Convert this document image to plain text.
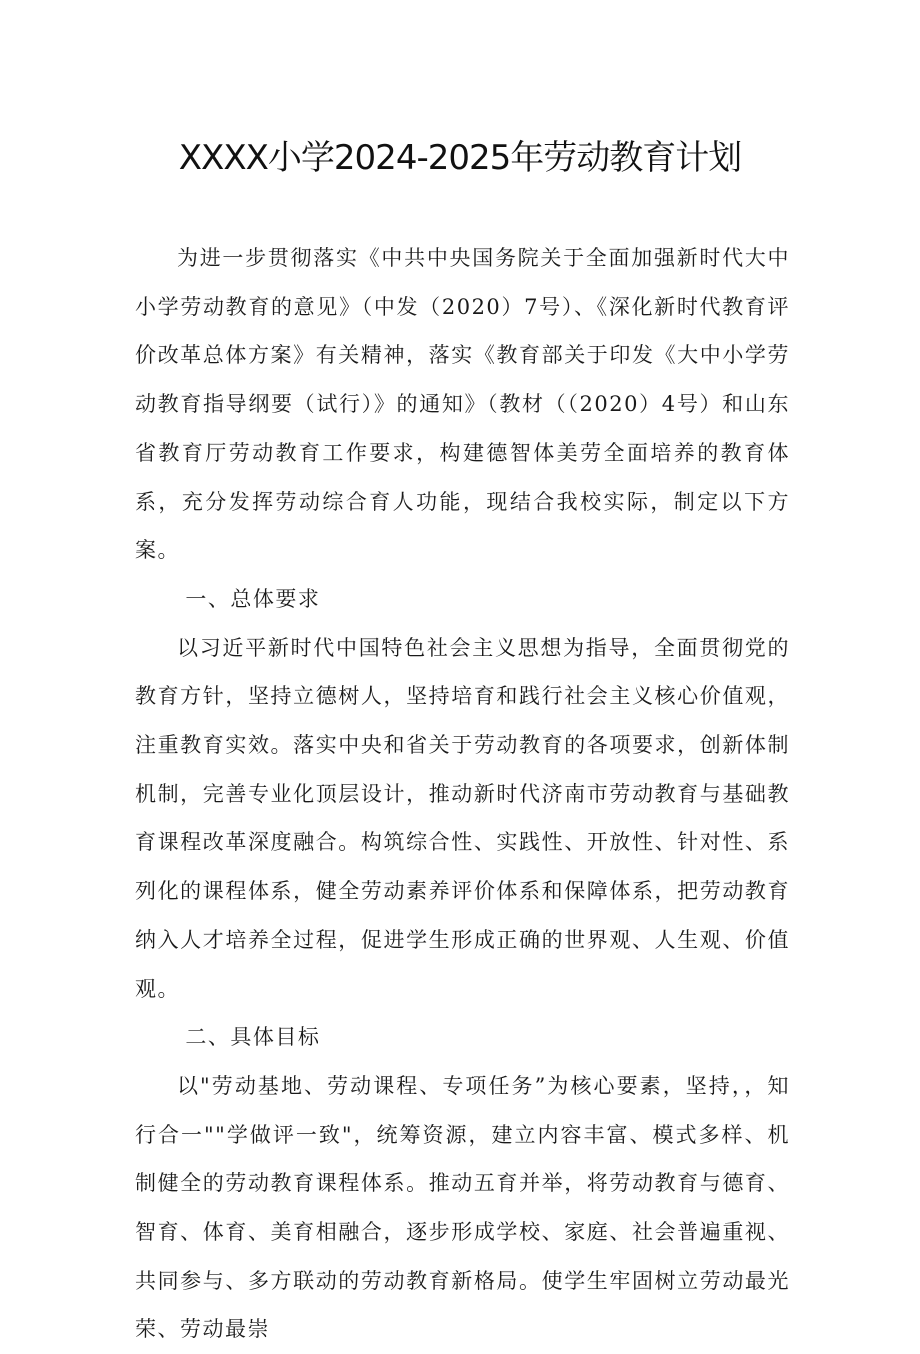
XXXX小学2024-2025年劳动教育计划

为进一步贯彻落实《中共中央国务院关于全面加强新时代大中小学劳动教育的意见》（中发（2020）7号）、《深化新时代教育评价改革总体方案》有关精神，落实《教育部关于印发《大中小学劳动教育指导纲要（试行）》的通知》（教材（（2020）4号）和山东省教育厅劳动教育工作要求，构建德智体美劳全面培养的教育体系，充分发挥劳动综合育人功能，现结合我校实际，制定以下方案。

一、总体要求

以习近平新时代中国特色社会主义思想为指导，全面贯彻党的教育方针，坚持立德树人，坚持培育和践行社会主义核心价值观，注重教育实效。落实中央和省关于劳动教育的各项要求，创新体制机制，完善专业化顶层设计，推动新时代济南市劳动教育与基础教育课程改革深度融合。构筑综合性、实践性、开放性、针对性、系列化的课程体系，健全劳动素养评价体系和保障体系，把劳动教育纳入人才培养全过程，促进学生形成正确的世界观、人生观、价值观。

二、具体目标

以"劳动基地、劳动课程、专项任务”为核心要素，坚持，，知行合一""学做评一致"，统筹资源，建立内容丰富、模式多样、机制健全的劳动教育课程体系。推动五育并举，将劳动教育与德育、智育、体育、美育相融合，逐步形成学校、家庭、社会普遍重视、共同参与、多方联动的劳动教育新格局。使学生牢固树立劳动最光荣、劳动最崇
